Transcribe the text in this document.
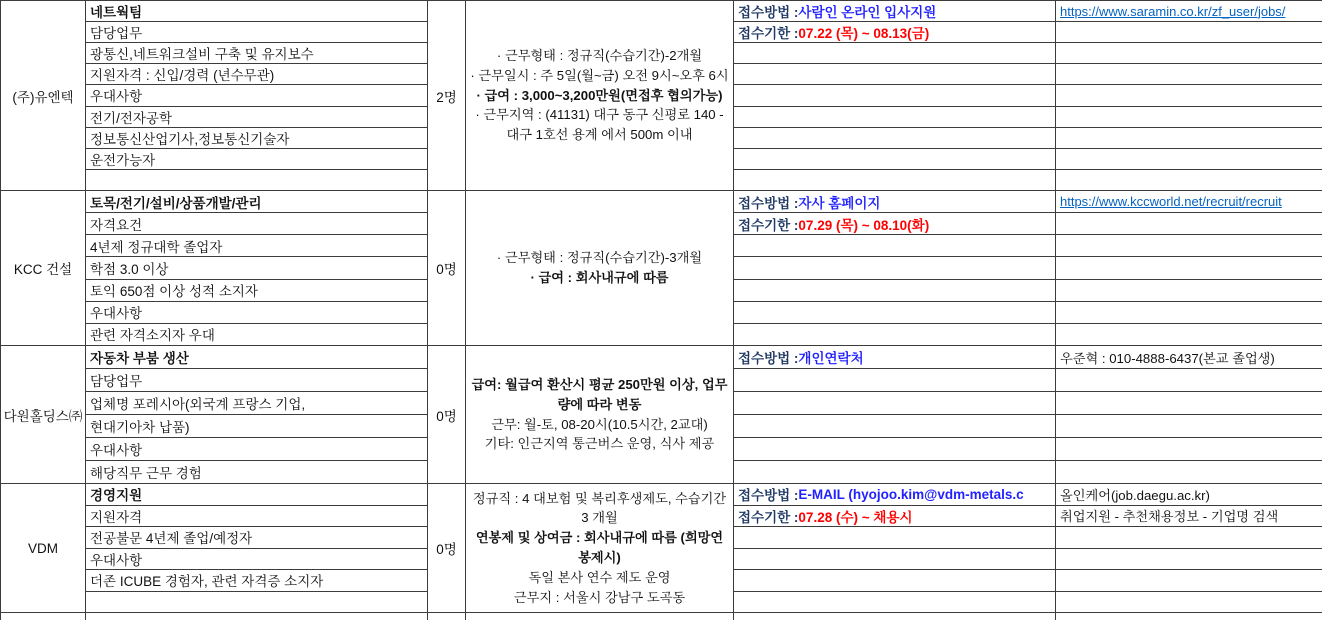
(주)유엔텍
네트웍팀
담당업무
광통신,네트워크설비 구축 및 유지보수
지원자격 : 신입/경력 (년수무관)
우대사항
전기/전자공학
정보통신산업기사,정보통신기술자
운전가능자
2명
· 근무형태 : 정규직(수습기간)-2개월
· 근무일시 : 주 5일(월~금) 오전 9시~오후 6시
· 급여 : 3,000~3,200만원(면접후 협의가능)
· 근무지역 : (41131) 대구 동구 신평로 140 - 대구 1호선 용계 에서 500m 이내
접수방법 : 사람인 온라인 입사지원
접수기한 : 07.22 (목) ~ 08.13(금)
https://www.saramin.co.kr/zf_user/jobs/
KCC 건설
토목/전기/설비/상품개발/관리
자격요건
4년제 정규대학 졸업자
학점 3.0 이상
토익 650점 이상 성적 소지자
우대사항
관련 자격소지자 우대
0명
· 근무형태 : 정규직(수습기간)-3개월
· 급여 : 회사내규에 따름
접수방법 : 자사 홈페이지
접수기한 : 07.29 (목) ~ 08.10(화)
https://www.kccworld.net/recruit/recruit
다원홀딩스㈜
자동차 부붐 생산
담당업무
업체명 포레시아(외국계 프랑스 기업,
현대기아차 납품)
우대사항
해당직무 근무 경험
0명
급여: 월급여 환산시 평균 250만원 이상, 업무량에 따라 변동
근무: 월-토, 08-20시(10.5시간, 2교대)
기타: 인근지역 통근버스 운영, 식사 제공
접수방법 : 개인연락처	우준혁 : 010-4888-6437(본교 졸업생)
VDM
경영지원
지원자격
전공불문 4년제 졸업/예정자
우대사항
더존 ICUBE 경험자, 관련 자격증 소지자
0명
정규직 : 4 대보험 및 복리후생제도, 수습기간 3 개월
연봉제 및 상여금 : 회사내규에 따름 (희망연봉제시)
독일 본사 연수 제도 운영
근무지 : 서울시 강남구 도곡동
접수방법 : E-MAIL (hyojoo.kim@vdm-metals.c
접수기한 : 07.28 (수) ~ 채용시
올인케어(job.daegu.ac.kr)
취업지원 - 추천채용정보 - 기업명 검색
